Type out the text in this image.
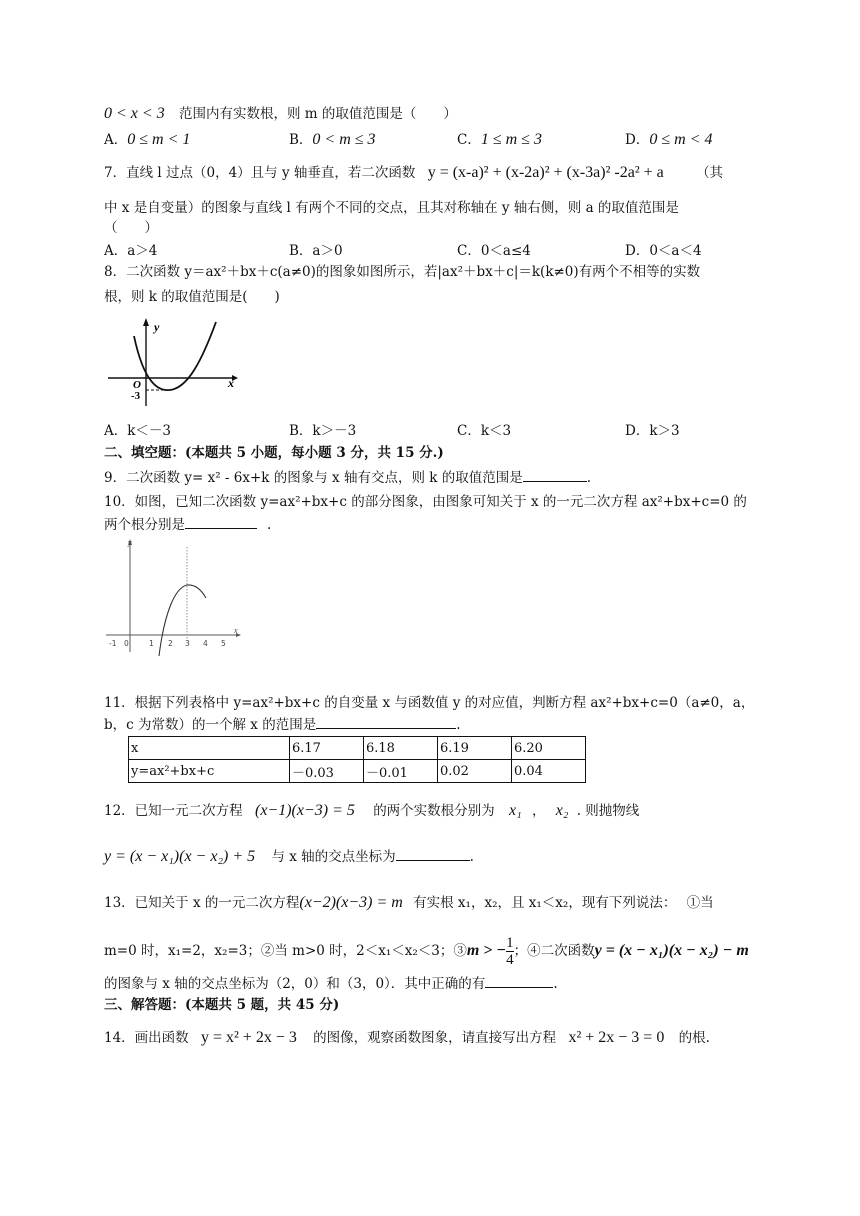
0 < x < 3 范围内有实数根，则 m 的取值范围是（　　）
A．0 ≤ m < 1	B．0 < m ≤ 3	C．1 ≤ m ≤ 3	D．0 ≤ m < 4
7．直线 l 过点（0，4）且与 y 轴垂直，若二次函数 y = (x-a)² + (x-2a)² + (x-3a)² -2a² + a （其
中 x 是自变量）的图象与直线 l 有两个不同的交点，且其对称轴在 y 轴右侧，则 a 的取值范围是
（　　）
A．a＞4	B．a＞0	C．0＜a≤4	D．0＜a＜4
8．二次函数 y＝ax²＋bx＋c(a≠0)的图象如图所示，若|ax²＋bx＋c|＝k(k≠0)有两个不相等的实数
根，则 k 的取值范围是(　　)
y
x
O
-3
A．k＜－3	B．k＞－3	C．k＜3	D．k＞3
二、填空题：(本题共 5 小题，每小题 3 分，共 15 分.)
9．二次函数 y= x² - 6x+k 的图象与 x 轴有交点，则 k 的取值范围是	.
10．如图，已知二次函数 y=ax²+bx+c 的部分图象，由图象可知关于 x 的一元二次方程 ax²+bx+c=0 的
两个根分别是	.
y
x
-1 0	1 2 3 4 5
11．根据下列表格中 y=ax²+bx+c 的自变量 x 与函数值 y 的对应值，判断方程 ax²+bx+c=0（a≠0，a，
b，c 为常数）的一个解 x 的范围是	.
x	6.17	6.18	6.19	6.20
y=ax²+bx+c	－0.03	－0.01	0.02	0.04
12．已知一元二次方程 (x−1)(x−3) = 5 的两个实数根分别为 x₁ ， x₂ . 则抛物线
y = (x − x₁)(x − x₂) + 5 与 x 轴的交点坐标为	.
13．已知关于 x 的一元二次方程(x−2)(x−3) = m 有实根 x₁，x₂，且 x₁＜x₂，现有下列说法： ①当
m=0 时，x₁=2，x₂=3；②当 m>0 时，2＜x₁＜x₂＜3；③m > − $\frac{1}{4}$ ；④二次函数y = (x − x₁)(x − x₂) − m
的图象与 x 轴的交点坐标为（2，0）和（3，0）．其中正确的有	.
三、解答题：(本题共 5 题，共 45 分)
14．画出函数 y = x² + 2x − 3 的图像，观察函数图象，请直接写出方程 x² + 2x − 3 = 0 的根.
